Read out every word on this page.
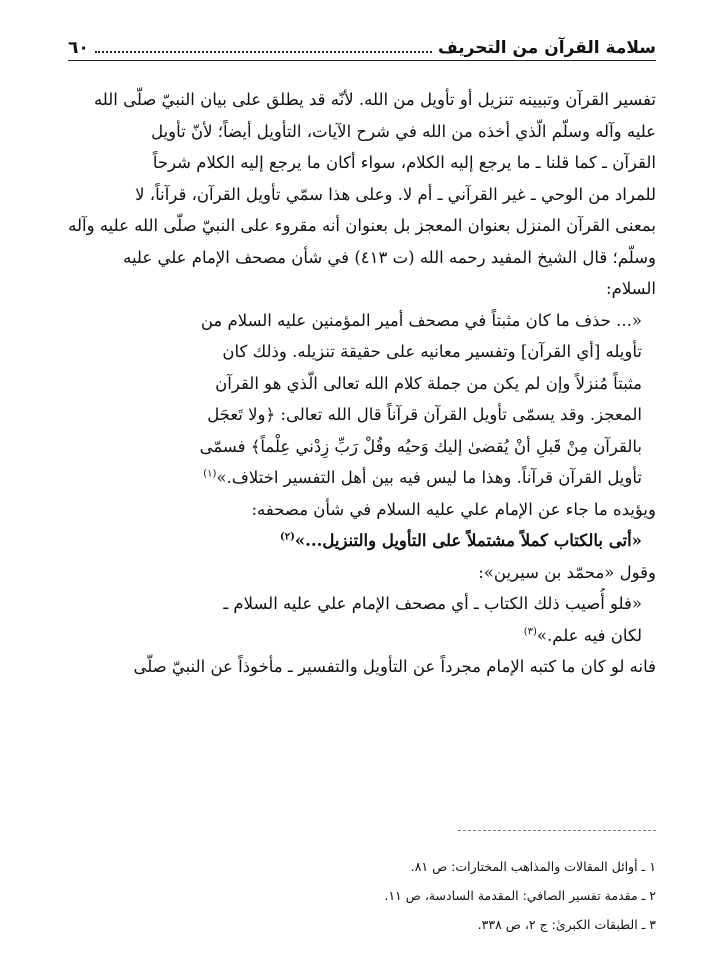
سلامة القرآن من التحريف
٦٠
تفسير القرآن وتبيينه تنزيل أو تأويل من الله. لأنّه قد يطلق على بيان النبيّ صلّى الله
عليه وآله وسلّم الّذي أخذه من الله في شرح الآيات، التأويل أيضاً؛ لأنّ تأويل
القرآن ـ كما قلنا ـ ما يرجع إليه الكلام، سواء أكان ما يرجع إليه الكلام شرحاً
للمراد من الوحي ـ غير القرآني ـ أم لا. وعلى هذا سمّي تأويل القرآن، قرآناً، لا
بمعنى القرآن المنزل بعنوان المعجز بل بعنوان أنه مقروء على النبيّ صلّى الله عليه وآله
وسلّم؛ قال الشيخ المفيد رحمه الله (ت ٤١٣) في شأن مصحف الإمام علي عليه
السلام:
«... حذف ما كان مثبتاً في مصحف أمير المؤمنين عليه السلام من
تأويله [أي القرآن] وتفسير معانيه على حقيقة تنزيله. وذلك كان
مثبتاً مُنزلاً وإن لم يكن من جملة كلام الله تعالى الّذي هو القرآن
المعجز. وقد يسمّى تأويل القرآن قرآناً قال الله تعالى: ﴿ولا تَعجَل
بالقرآن مِنْ قَبلِ أنْ يُقضىٰ إليك وَحيُه وقُلْ رَبِّ زِدْني عِلْماً﴾ فسمّى
تأويل القرآن قرآناً. وهذا ما ليس فيه بين أهل التفسير اختلاف.»$^{(١)}$
ويؤيده ما جاء عن الإمام علي عليه السلام في شأن مصحفه:
«أتى بالكتاب كملاً مشتملاً على التأويل والتنزيل...»$^{(٢)}$
وقول «محمّد بن سيرين»:
«فلو أُصيب ذلك الكتاب ـ أي مصحف الإمام علي عليه السلام ـ
لكان فيه علم.»$^{(٣)}$
فانه لو كان ما كتبه الإمام مجرداً عن التأويل والتفسير ـ مأخوذاً عن النبيّ صلّى
١ ـ أوائل المقالات والمذاهب المختارات: ص ٨١.
٢ ـ مقدمة تفسير الصافي: المقدمة السادسة، ص ١١.
٣ ـ الطبقات الكبرىٰ: ج ٢، ص ٣٣٨.
